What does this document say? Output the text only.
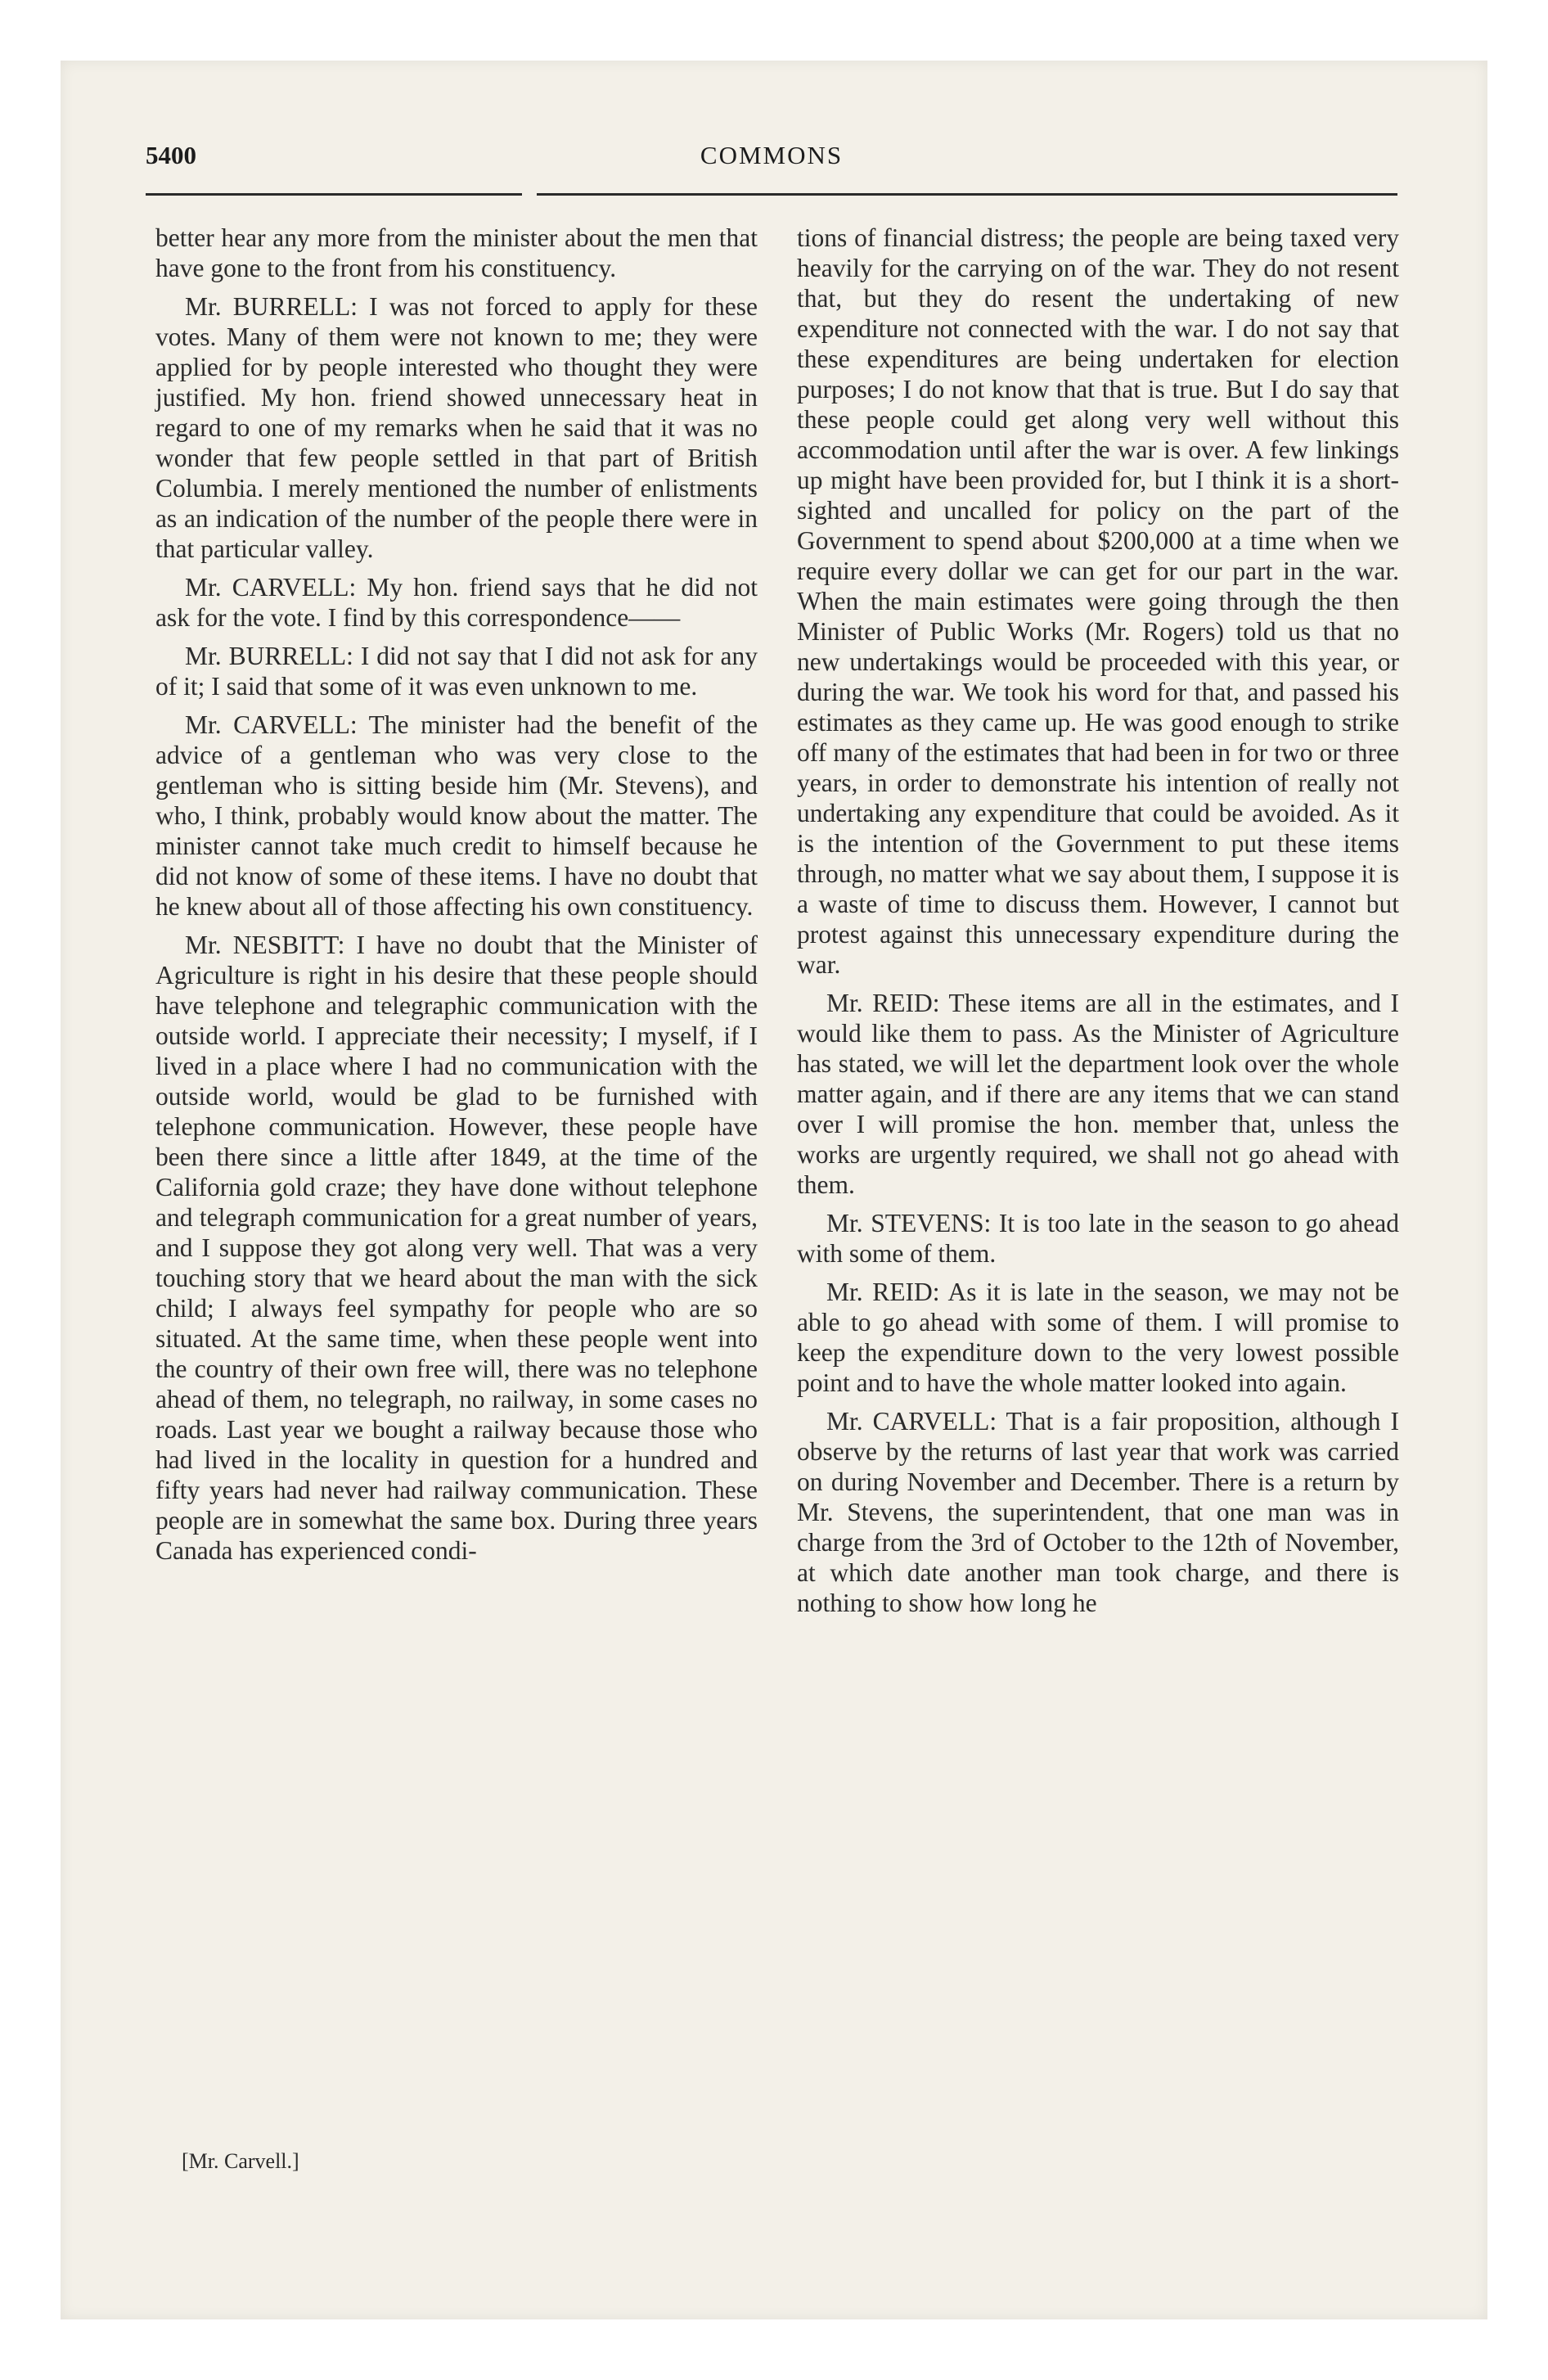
5400	COMMONS

better hear any more from the minister about the men that have gone to the front from his constituency.

Mr. BURRELL: I was not forced to apply for these votes. Many of them were not known to me; they were applied for by people interested who thought they were justified. My hon. friend showed unnecessary heat in regard to one of my remarks when he said that it was no wonder that few people settled in that part of British Columbia. I merely mentioned the number of enlistments as an indication of the number of the people there were in that particular valley.

Mr. CARVELL: My hon. friend says that he did not ask for the vote. I find by this correspondence——

Mr. BURRELL: I did not say that I did not ask for any of it; I said that some of it was even unknown to me.

Mr. CARVELL: The minister had the benefit of the advice of a gentleman who was very close to the gentleman who is sitting beside him (Mr. Stevens), and who, I think, probably would know about the matter. The minister cannot take much credit to himself because he did not know of some of these items. I have no doubt that he knew about all of those affecting his own constituency.

Mr. NESBITT: I have no doubt that the Minister of Agriculture is right in his desire that these people should have telephone and telegraphic communication with the outside world. I appreciate their necessity; I myself, if I lived in a place where I had no communication with the outside world, would be glad to be furnished with telephone communication. However, these people have been there since a little after 1849, at the time of the California gold craze; they have done without telephone and telegraph communication for a great number of years, and I suppose they got along very well. That was a very touching story that we heard about the man with the sick child; I always feel sympathy for people who are so situated. At the same time, when these people went into the country of their own free will, there was no telephone ahead of them, no telegraph, no railway, in some cases no roads. Last year we bought a railway because those who had lived in the locality in question for a hundred and fifty years had never had railway communication. These people are in somewhat the same box. During three years Canada has experienced condi-

[Mr. Carvell.]

tions of financial distress; the people are being taxed very heavily for the carrying on of the war. They do not resent that, but they do resent the undertaking of new expenditure not connected with the war. I do not say that these expenditures are being undertaken for election purposes; I do not know that that is true. But I do say that these people could get along very well without this accommodation until after the war is over. A few linkings up might have been provided for, but I think it is a short-sighted and uncalled for policy on the part of the Government to spend about $200,000 at a time when we require every dollar we can get for our part in the war. When the main estimates were going through the then Minister of Public Works (Mr. Rogers) told us that no new undertakings would be proceeded with this year, or during the war. We took his word for that, and passed his estimates as they came up. He was good enough to strike off many of the estimates that had been in for two or three years, in order to demonstrate his intention of really not undertaking any expenditure that could be avoided. As it is the intention of the Government to put these items through, no matter what we say about them, I suppose it is a waste of time to discuss them. However, I cannot but protest against this unnecessary expenditure during the war.

Mr. REID: These items are all in the estimates, and I would like them to pass. As the Minister of Agriculture has stated, we will let the department look over the whole matter again, and if there are any items that we can stand over I will promise the hon. member that, unless the works are urgently required, we shall not go ahead with them.

Mr. STEVENS: It is too late in the season to go ahead with some of them.

Mr. REID: As it is late in the season, we may not be able to go ahead with some of them. I will promise to keep the expenditure down to the very lowest possible point and to have the whole matter looked into again.

Mr. CARVELL: That is a fair proposition, although I observe by the returns of last year that work was carried on during November and December. There is a return by Mr. Stevens, the superintendent, that one man was in charge from the 3rd of October to the 12th of November, at which date another man took charge, and there is nothing to show how long he
